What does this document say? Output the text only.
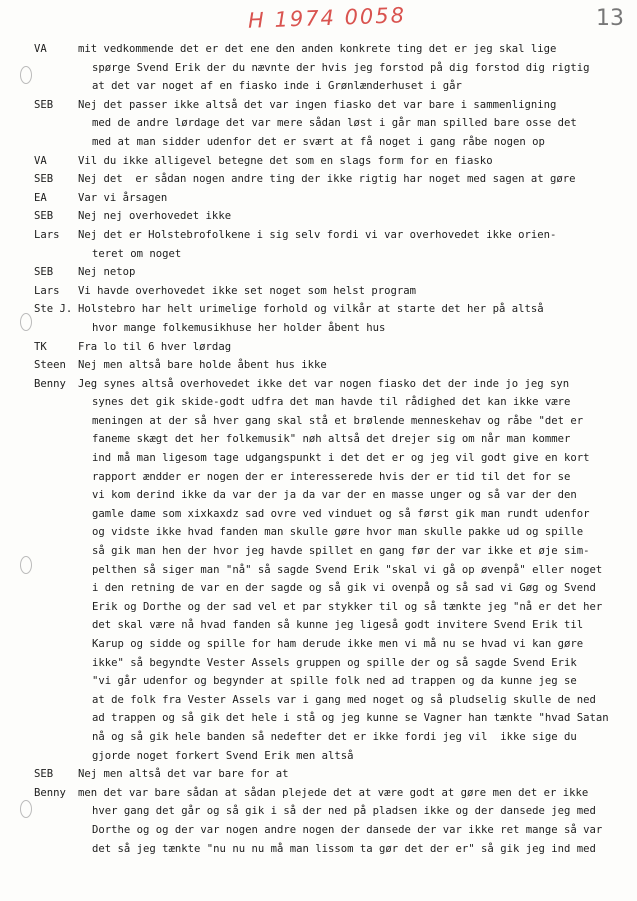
H 1974 0058	13
VA	mit vedkommende det er det ene den anden konkrete ting det er jeg skal lige
spørge Svend Erik der du nævnte der hvis jeg forstod på dig forstod dig rigtig
at det var noget af en fiasko inde i Grønlænderhuset i går
SEB Nej det passer ikke altså det var ingen fiasko det var bare i sammenligning
med de andre lørdage det var mere sådan løst i går man spilled bare osse det
med at man sidder udenfor det er svært at få noget i gang råbe nogen op
VA	Vil du ikke alligevel betegne det som en slags form for en fiasko
SEB Nej det  er sådan nogen andre ting der ikke rigtig har noget med sagen at gøre
EA	Var vi årsagen
SEB Nej nej overhovedet ikke
Lars Nej det er Holstebrofolkene i sig selv fordi vi var overhovedet ikke orien-
teret om noget
SEB Nej netop
Lars Vi havde overhovedet ikke set noget som helst program
Ste J. Holstebro har helt urimelige forhold og vilkår at starte det her på altså
hvor mange folkemusikhuse her holder åbent hus
TK	Fra lo til 6 hver lørdag
Steen Nej men altså bare holde åbent hus ikke
Benny Jeg synes altså overhovedet ikke det var nogen fiasko det der inde jo jeg syn
synes det gik skide-godt udfra det man havde til rådighed det kan ikke være
meningen at der så hver gang skal stå et brølende menneskehav og råbe "det er
faneme skægt det her folkemusik" nøh altså det drejer sig om når man kommer
ind må man ligesom tage udgangspunkt i det det er og jeg vil godt give en kort
rapport ændder er nogen der er interesserede hvis der er tid til det for se
vi kom derind ikke da var der ja da var der en masse unger og så var der den
gamle dame som xixkaxdz sad ovre ved vinduet og så først gik man rundt udenfor
og vidste ikke hvad fanden man skulle gøre hvor man skulle pakke ud og spille
så gik man hen der hvor jeg havde spillet en gang før der var ikke et øje sim-
pelthen så siger man "nå" så sagde Svend Erik "skal vi gå op øvenpå" eller noget
i den retning de var en der sagde og så gik vi ovenpå og så sad vi Gøg og Svend
Erik og Dorthe og der sad vel et par stykker til og så tænkte jeg "nå er det her
det skal være nå hvad fanden så kunne jeg ligeså godt invitere Svend Erik til
Karup og sidde og spille for ham derude ikke men vi må nu se hvad vi kan gøre
ikke" så begyndte Vester Assels gruppen og spille der og så sagde Svend Erik
"vi går udenfor og begynder at spille folk ned ad trappen og da kunne jeg se
at de folk fra Vester Assels var i gang med noget og så pludselig skulle de ned
ad trappen og så gik det hele i stå og jeg kunne se Vagner han tænkte "hvad Satan
nå og så gik hele banden så nedefter det er ikke fordi jeg vil  ikke sige du
gjorde noget forkert Svend Erik men altså
SEB Nej men altså det var bare for at
Benny men det var bare sådan at sådan plejede det at være godt at gøre men det er ikke
hver gang det går og så gik i så der ned på pladsen ikke og der dansede jeg med
Dorthe og og der var nogen andre nogen der dansede der var ikke ret mange så var
det så jeg tænkte "nu nu nu må man lissom ta gør det der er" så gik jeg ind med
